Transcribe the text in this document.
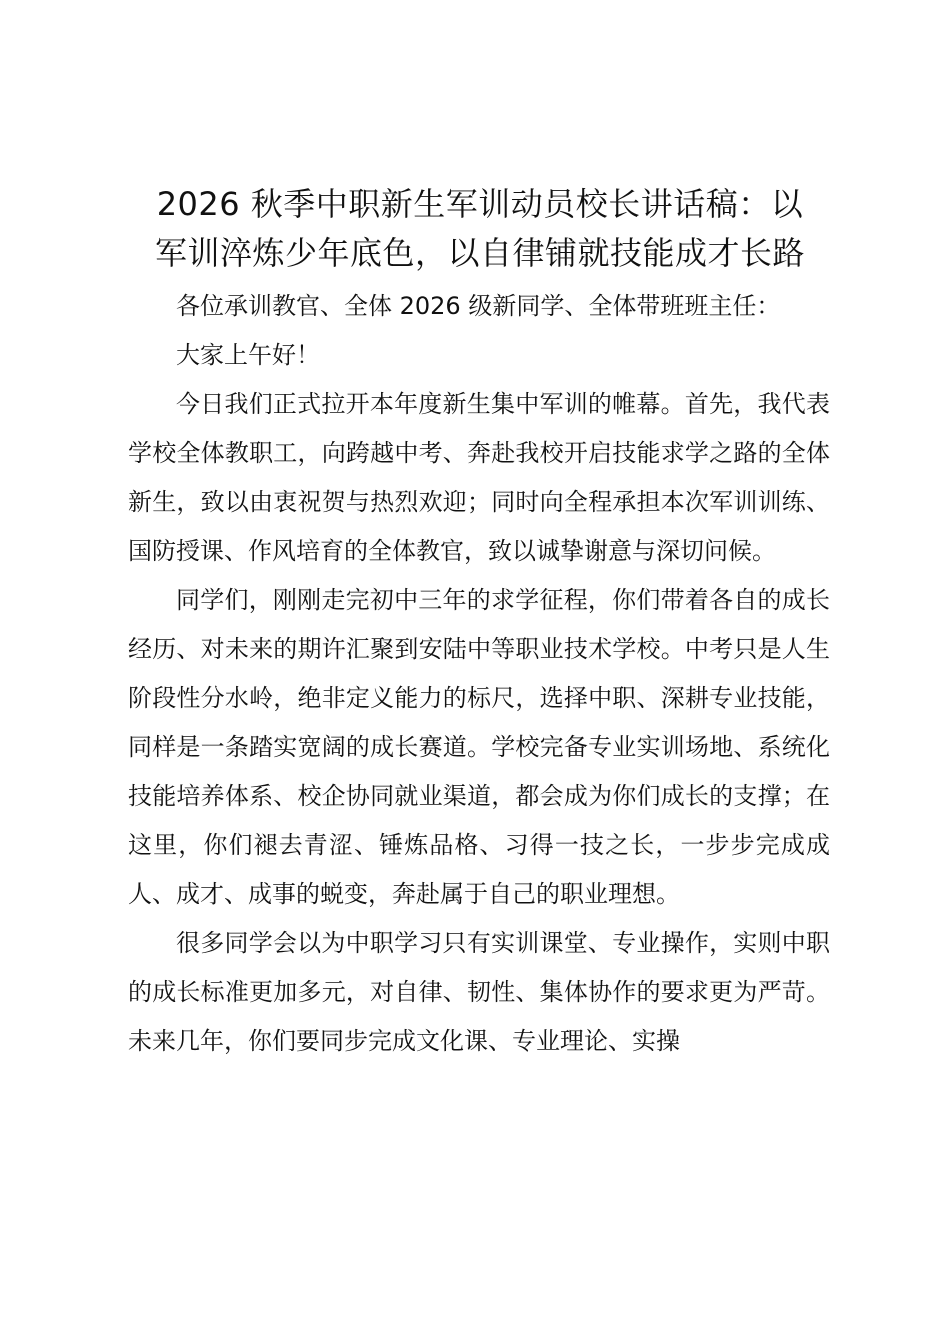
2026 秋季中职新生军训动员校长讲话稿：以
军训淬炼少年底色，以自律铺就技能成才长路

各位承训教官、全体 2026 级新同学、全体带班班主任：

大家上午好！

今日我们正式拉开本年度新生集中军训的帷幕。首先，我代表学校全体教职工，向跨越中考、奔赴我校开启技能求学之路的全体新生，致以由衷祝贺与热烈欢迎；同时向全程承担本次军训训练、国防授课、作风培育的全体教官，致以诚挚谢意与深切问候。

同学们，刚刚走完初中三年的求学征程，你们带着各自的成长经历、对未来的期许汇聚到安陆中等职业技术学校。中考只是人生阶段性分水岭，绝非定义能力的标尺，选择中职、深耕专业技能，同样是一条踏实宽阔的成长赛道。学校完备专业实训场地、系统化技能培养体系、校企协同就业渠道，都会成为你们成长的支撑；在这里，你们褪去青涩、锤炼品格、习得一技之长，一步步完成成人、成才、成事的蜕变，奔赴属于自己的职业理想。

很多同学会以为中职学习只有实训课堂、专业操作，实则中职的成长标准更加多元，对自律、韧性、集体协作的要求更为严苛。未来几年，你们要同步完成文化课、专业理论、实操
